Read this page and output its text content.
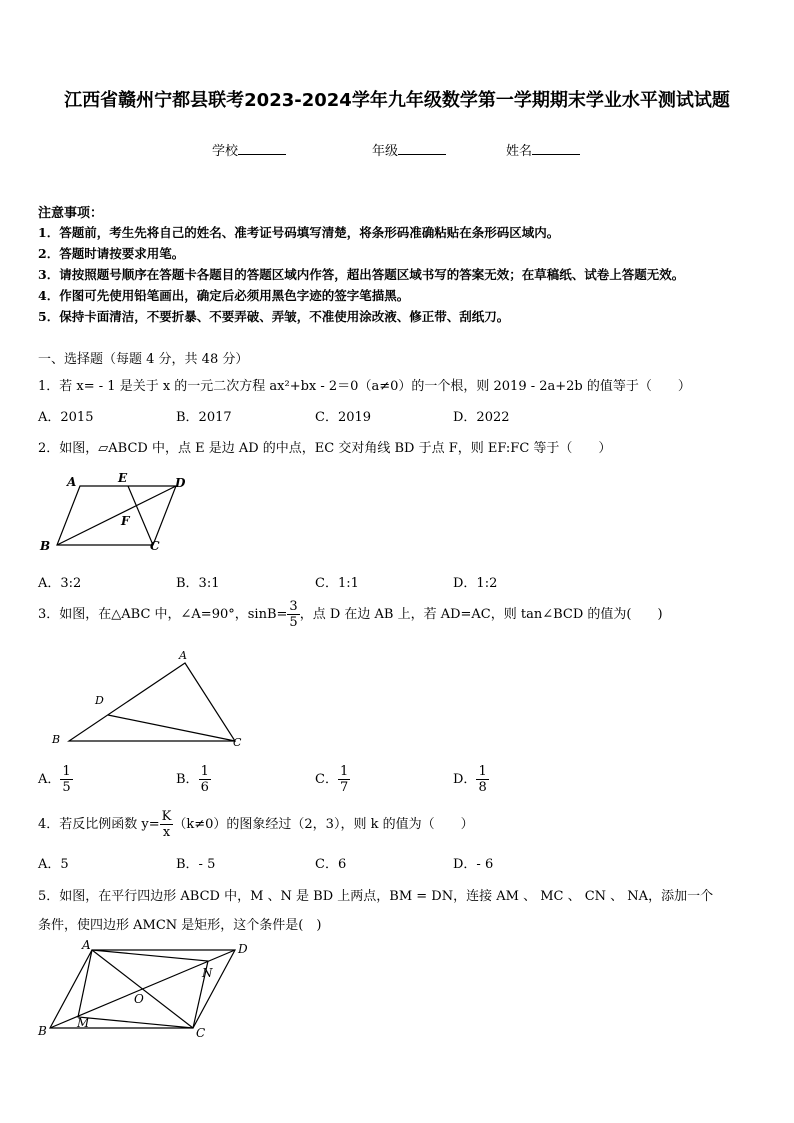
江西省赣州宁都县联考2023-2024学年九年级数学第一学期期末学业水平测试试题
学校	年级	姓名
注意事项：
1．答题前，考生先将自己的姓名、准考证号码填写清楚，将条形码准确粘贴在条形码区域内。
2．答题时请按要求用笔。
3．请按照题号顺序在答题卡各题目的答题区域内作答，超出答题区域书写的答案无效；在草稿纸、试卷上答题无效。
4．作图可先使用铅笔画出，确定后必须用黑色字迹的签字笔描黑。
5．保持卡面清洁，不要折暴、不要弄破、弄皱，不准使用涂改液、修正带、刮纸刀。
一、选择题（每题 4 分，共 48 分）
1．若 x= - 1 是关于 x 的一元二次方程 ax²+bx - 2＝0（a≠0）的一个根，则 2019 - 2a+2b 的值等于（　　）
A．2015	B．2017	C．2019	D．2022
2．如图，▱ABCD 中，点 E 是边 AD 的中点，EC 交对角线 BD 于点 F，则 EF:FC 等于（　　）
A	E	D
F
B	C
A．3:2	B．3:1	C．1:1	D．1:2
3．如图，在△ABC 中，∠A=90°，$\sin B= \frac{3}{5}$ ，点 D 在边 AB 上，若 AD=AC，则 tan∠BCD 的值为(　　)
A
D
B	C
A． $\frac{1}{5}$	B． $\frac{1}{6}$	C． $\frac{1}{7}$	D． $\frac{1}{8}$
4．若反比例函数 $y= \frac{K}{x} (k\ne 0)$的图象经过（2，3），则 k 的值为（　　）
A．5	B．- 5	C．6	D．- 6
5．如图，在平行四边形 ABCD 中，M 、N 是 BD 上两点，BM = DN，连接 AM 、 MC 、 CN 、 NA，添加一个
条件，使四边形 AMCN 是矩形，这个条件是(　)
A	D
N
O
B
M
C
